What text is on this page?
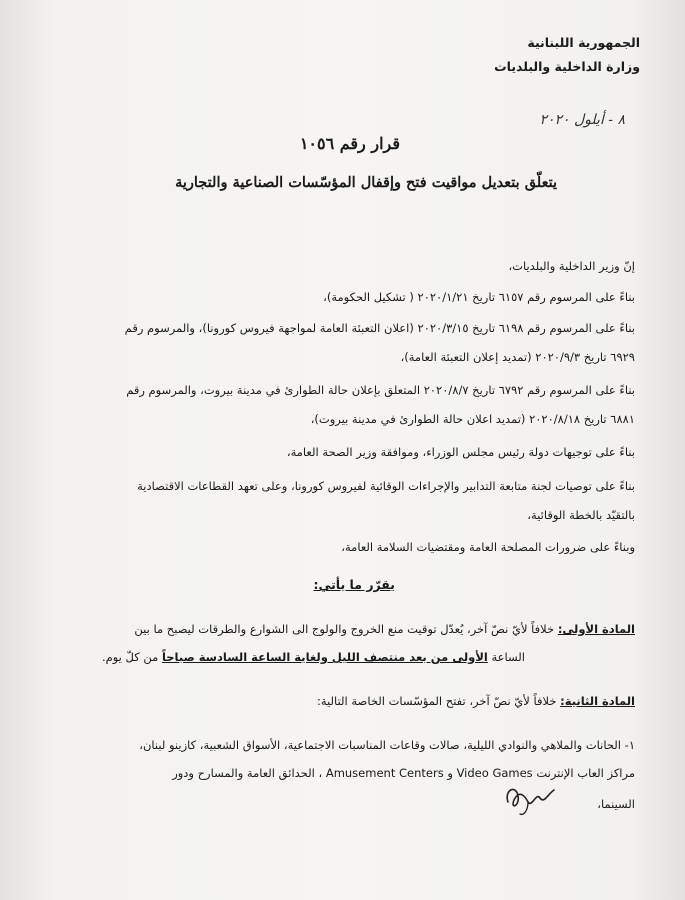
الجمهورية اللبنانية
وزارة الداخلية والبلديات
٨ - أيلول ٢٠٢٠
قرار رقم ١٠٥٦
يتعلّق بتعديل مواقيت فتح وإقفال المؤسّسات الصناعية والتجارية
إنّ وزير الداخلية والبلديات،
بناءً على المرسوم رقم ٦١٥٧ تاريخ ٢٠٢٠/١/٢١ ( تشكيل الحكومة)،
بناءً على المرسوم رقم ٦١٩٨ تاريخ ٢٠٢٠/٣/١٥ (اعلان التعبئة العامة لمواجهة فيروس كورونا)، والمرسوم رقم
٦٩٢٩ تاريخ ٢٠٢٠/٩/٣ (تمديد إعلان التعبئة العامة)،
بناءً على المرسوم رقم ٦٧٩٢ تاريخ ٢٠٢٠/٨/٧ المتعلق بإعلان حالة الطوارئ في مدينة بيروت، والمرسوم رقم
٦٨٨١ تاريخ ٢٠٢٠/٨/١٨ (تمديد اعلان حالة الطوارئ في مدينة بيروت)،
بناءً على توجيهات دولة رئيس مجلس الوزراء، وموافقة وزير الصحة العامة،
بناءً على توصيات لجنة متابعة التدابير والإجراءات الوقائية لفيروس كورونا، وعلى تعهد القطاعات الاقتصادية
بالتقيّد بالخطة الوقائية،
وبناءً على ضرورات المصلحة العامة ومقتضيات السلامة العامة،
يقرّر ما يأتي:
المادة الأولى: خلافاً لأيّ نصّ آخر، يُعدّل توقيت منع الخروج والولوج الى الشوارع والطرقات ليصبح ما بين
الساعة الأولى من بعد منتصف الليل ولغاية الساعة السادسة صباحاً من كلّ يوم.
المادة الثانية: خلافاً لأيّ نصّ آخر، تفتح المؤسّسات الخاصة التالية:
١- الحانات والملاهي والنوادي الليلية، صالات وقاعات المناسبات الاجتماعية، الأسواق الشعبية، كازينو لبنان،
مراكز العاب الإنترنت Video Games و Amusement Centers ، الحدائق العامة والمسارح ودور
السينما،
